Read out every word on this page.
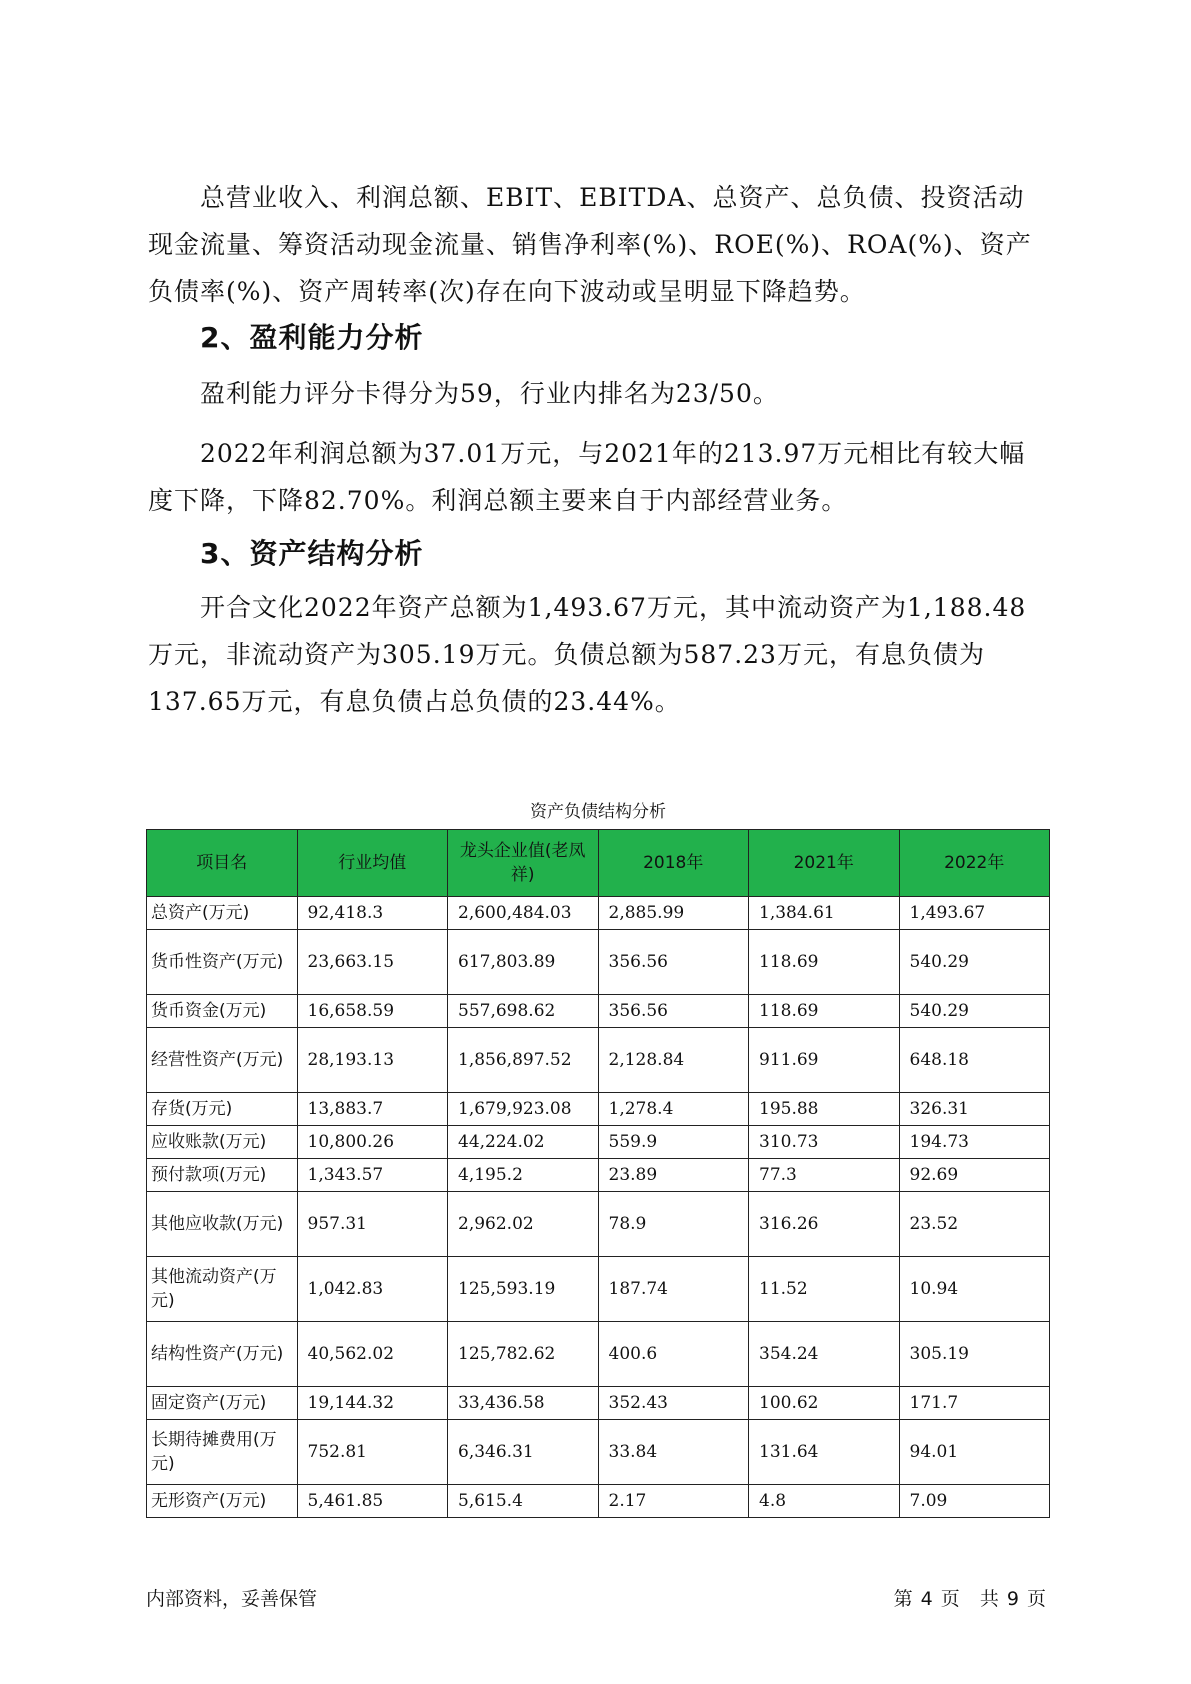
总营业收入、利润总额、EBIT、EBITDA、总资产、总负债、投资活动现金流量、筹资活动现金流量、销售净利率(%)、ROE(%)、ROA(%)、资产负债率(%)、资产周转率(次)存在向下波动或呈明显下降趋势。

2、盈利能力分析

盈利能力评分卡得分为59，行业内排名为23/50。

2022年利润总额为37.01万元，与2021年的213.97万元相比有较大幅度下降，下降82.70%。利润总额主要来自于内部经营业务。

3、资产结构分析

开合文化2022年资产总额为1,493.67万元，其中流动资产为1,188.48万元，非流动资产为305.19万元。负债总额为587.23万元，有息负债为137.65万元，有息负债占总负债的23.44%。

资产负债结构分析
项目名	行业均值	龙头企业值(老凤祥)	2018年	2021年	2022年
总资产(万元)	92,418.3	2,600,484.03	2,885.99	1,384.61	1,493.67
货币性资产(万元)	23,663.15	617,803.89	356.56	118.69	540.29
货币资金(万元)	16,658.59	557,698.62	356.56	118.69	540.29
经营性资产(万元)	28,193.13	1,856,897.52	2,128.84	911.69	648.18
存货(万元)	13,883.7	1,679,923.08	1,278.4	195.88	326.31
应收账款(万元)	10,800.26	44,224.02	559.9	310.73	194.73
预付款项(万元)	1,343.57	4,195.2	23.89	77.3	92.69
其他应收款(万元)	957.31	2,962.02	78.9	316.26	23.52
其他流动资产(万元)	1,042.83	125,593.19	187.74	11.52	10.94
结构性资产(万元)	40,562.02	125,782.62	400.6	354.24	305.19
固定资产(万元)	19,144.32	33,436.58	352.43	100.62	171.7
长期待摊费用(万元)	752.81	6,346.31	33.84	131.64	94.01
无形资产(万元)	5,461.85	5,615.4	2.17	4.8	7.09
内部资料，妥善保管	第 4 页 共 9 页
